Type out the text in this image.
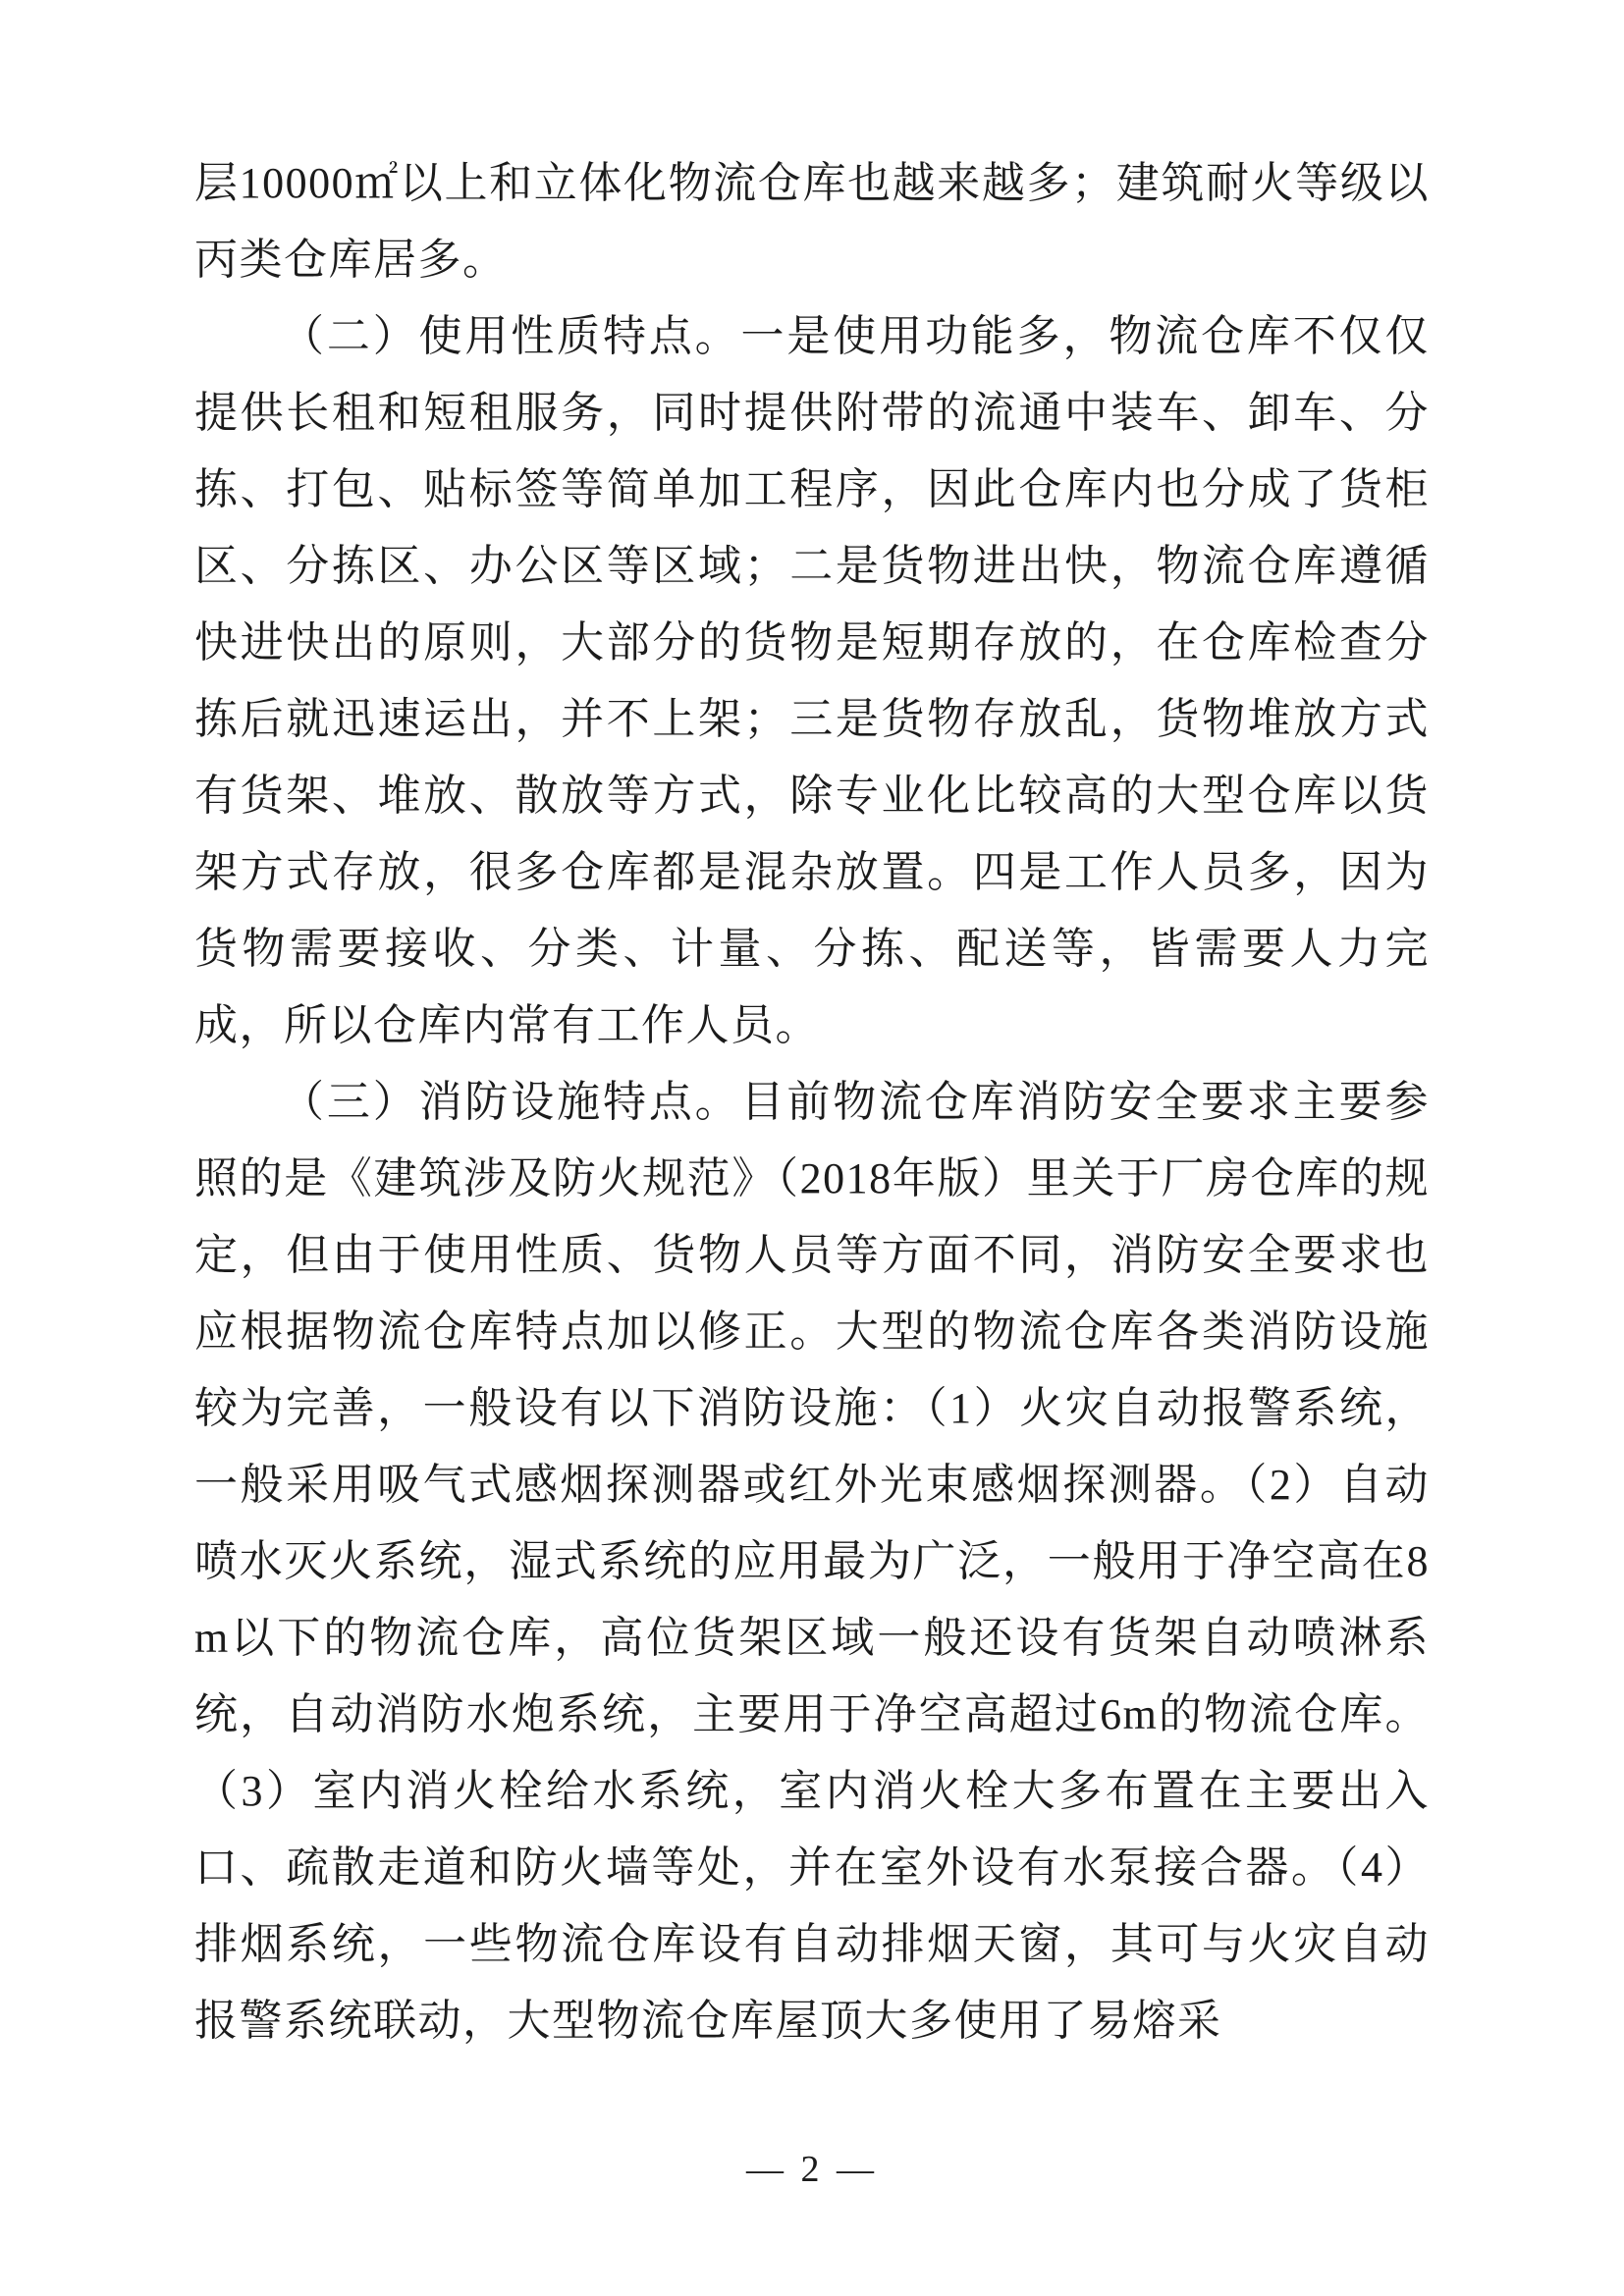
层10000㎡以上和立体化物流仓库也越来越多；建筑耐火等级以丙类仓库居多。

（二）使用性质特点。一是使用功能多，物流仓库不仅仅提供长租和短租服务，同时提供附带的流通中装车、卸车、分拣、打包、贴标签等简单加工程序，因此仓库内也分成了货柜区、分拣区、办公区等区域；二是货物进出快，物流仓库遵循快进快出的原则，大部分的货物是短期存放的，在仓库检查分拣后就迅速运出，并不上架；三是货物存放乱，货物堆放方式有货架、堆放、散放等方式，除专业化比较高的大型仓库以货架方式存放，很多仓库都是混杂放置。四是工作人员多，因为货物需要接收、分类、计量、分拣、配送等，皆需要人力完成，所以仓库内常有工作人员。

（三）消防设施特点。目前物流仓库消防安全要求主要参照的是《建筑涉及防火规范》（2018年版）里关于厂房仓库的规定，但由于使用性质、货物人员等方面不同，消防安全要求也应根据物流仓库特点加以修正。大型的物流仓库各类消防设施较为完善，一般设有以下消防设施：（1）火灾自动报警系统，一般采用吸气式感烟探测器或红外光束感烟探测器。（2）自动喷水灭火系统，湿式系统的应用最为广泛，一般用于净空高在8m以下的物流仓库，高位货架区域一般还设有货架自动喷淋系统，自动消防水炮系统，主要用于净空高超过6m的物流仓库。（3）室内消火栓给水系统，室内消火栓大多布置在主要出入口、疏散走道和防火墙等处，并在室外设有水泵接合器。（4）排烟系统，一些物流仓库设有自动排烟天窗，其可与火灾自动报警系统联动，大型物流仓库屋顶大多使用了易熔采

— 2 —
